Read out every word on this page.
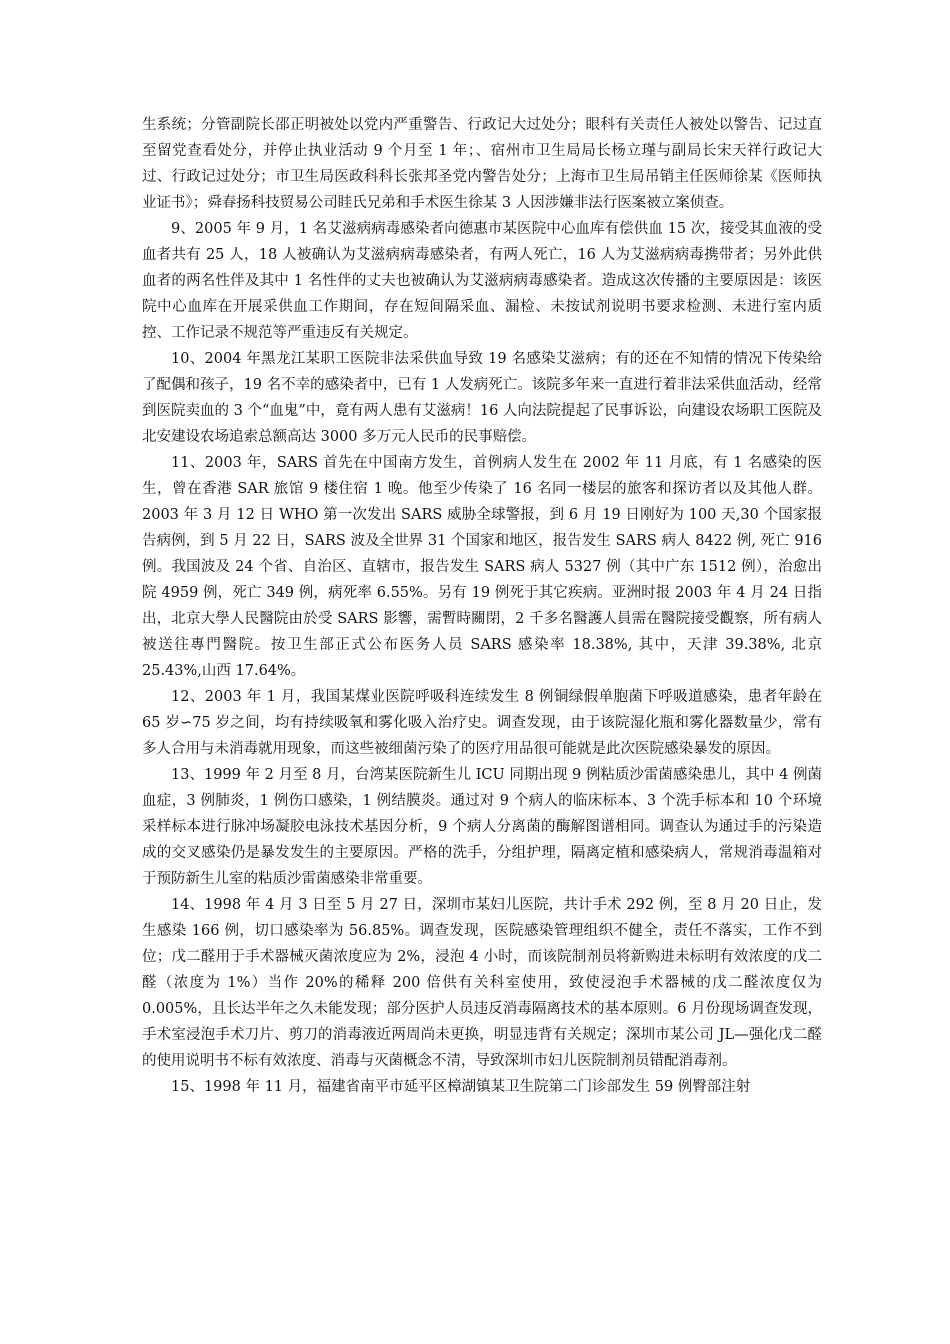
生系统；分管副院长邵正明被处以党内严重警告、行政记大过处分；眼科有关责任人被处以警告、记过直至留党查看处分，并停止执业活动 9 个月至 1 年；、宿州市卫生局局长杨立瑾与副局长宋天祥行政记大过、行政记过处分；市卫生局医政科科长张邦圣党内警告处分；上海市卫生局吊销主任医师徐某《医师执业证书》；舜春扬科技贸易公司眭氏兄弟和手术医生徐某 3 人因涉嫌非法行医案被立案侦查。

9、2005 年 9 月，1 名艾滋病病毒感染者向德惠市某医院中心血库有偿供血 15 次，接受其血液的受血者共有 25 人，18 人被确认为艾滋病病毒感染者，有两人死亡，16 人为艾滋病病毒携带者；另外此供血者的两名性伴及其中 1 名性伴的丈夫也被确认为艾滋病病毒感染者。造成这次传播的主要原因是：该医院中心血库在开展采供血工作期间，存在短间隔采血、漏检、未按试剂说明书要求检测、未进行室内质控、工作记录不规范等严重违反有关规定。

10、2004 年黑龙江某职工医院非法采供血导致 19 名感染艾滋病；有的还在不知情的情况下传染给了配偶和孩子，19 名不幸的感染者中，已有 1 人发病死亡。该院多年来一直进行着非法采供血活动，经常到医院卖血的 3 个“血鬼”中，竟有两人患有艾滋病！16 人向法院提起了民事诉讼，向建设农场职工医院及北安建设农场追索总额高达 3000 多万元人民币的民事赔偿。

11、2003 年，SARS 首先在中国南方发生，首例病人发生在 2002 年 11 月底，有 1 名感染的医生，曾在香港 SAR 旅馆 9 楼住宿 1 晚。他至少传染了 16 名同一楼层的旅客和探访者以及其他人群。2003 年 3 月 12 日 WHO 第一次发出 SARS 威胁全球警报，到 6 月 19 日刚好为 100 天,30 个国家报告病例，到 5 月 22 日，SARS 波及全世界 31 个国家和地区，报告发生 SARS 病人 8422 例, 死亡 916 例。我国波及 24 个省、自治区、直辖市，报告发生 SARS 病人 5327 例（其中广东 1512 例），治愈出院 4959 例，死亡 349 例，病死率 6.55%。另有 19 例死于其它疾病。亚洲时报 2003 年 4 月 24 日指出，北京大學人民醫院由於受 SARS 影響，需暫時關閉，2 千多名醫護人員需在醫院接受觀察，所有病人被送往專門醫院。按卫生部正式公布医务人员 SARS 感染率 18.38%, 其中，天津 39.38%, 北京 25.43%,山西 17.64%。

12、2003 年 1 月，我国某煤业医院呼吸科连续发生 8 例铜绿假单胞菌下呼吸道感染，患者年龄在 65 岁∽75 岁之间，均有持续吸氧和雾化吸入治疗史。调查发现，由于该院湿化瓶和雾化器数量少，常有多人合用与未消毒就用现象，而这些被细菌污染了的医疗用品很可能就是此次医院感染暴发的原因。

13、1999 年 2 月至 8 月，台湾某医院新生儿 ICU 同期出现 9 例粘质沙雷菌感染患儿，其中 4 例菌血症，3 例肺炎，1 例伤口感染，1 例结膜炎。通过对 9 个病人的临床标本、3 个洗手标本和 10 个环境采样标本进行脉冲场凝胶电泳技术基因分析，9 个病人分离菌的酶解图谱相同。调查认为通过手的污染造成的交叉感染仍是暴发发生的主要原因。严格的洗手，分组护理，隔离定植和感染病人，常规消毒温箱对于预防新生儿室的粘质沙雷菌感染非常重要。

14、1998 年 4 月 3 日至 5 月 27 日，深圳市某妇儿医院，共计手术 292 例，至 8 月 20 日止，发生感染 166 例，切口感染率为 56.85%。调查发现，医院感染管理组织不健全，责任不落实，工作不到位；戊二醛用于手术器械灭菌浓度应为 2%，浸泡 4 小时，而该院制剂员将新购进未标明有效浓度的戊二醛（浓度为 1%）当作 20%的稀释 200 倍供有关科室使用，致使浸泡手术器械的戊二醛浓度仅为 0.005%，且长达半年之久未能发现；部分医护人员违反消毒隔离技术的基本原则。6 月份现场调查发现，手术室浸泡手术刀片、剪刀的消毒液近两周尚未更换，明显违背有关规定；深圳市某公司 JL—强化戊二醛的使用说明书不标有效浓度、消毒与灭菌概念不清，导致深圳市妇儿医院制剂员错配消毒剂。

15、1998 年 11 月，福建省南平市延平区樟湖镇某卫生院第二门诊部发生 59 例臀部注射
